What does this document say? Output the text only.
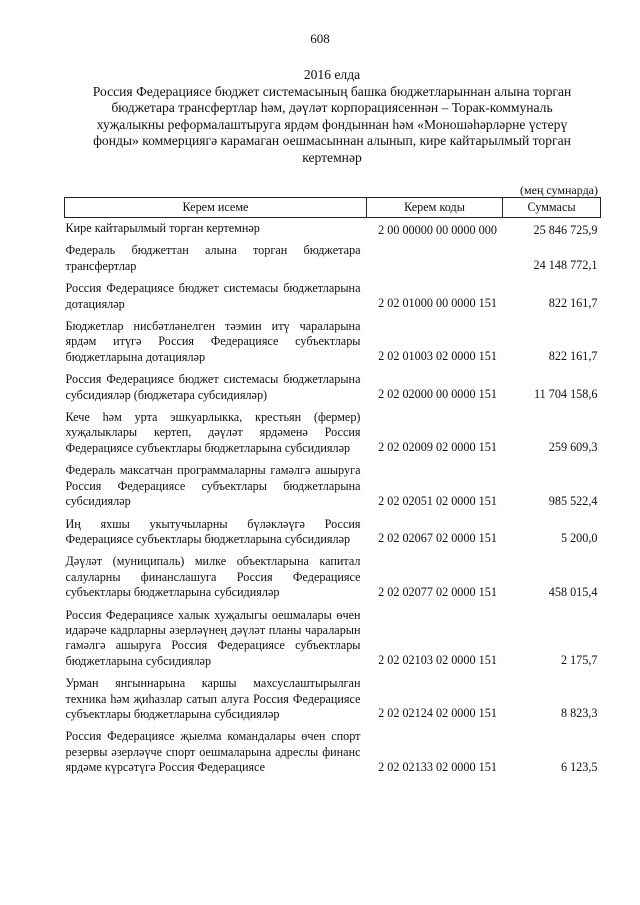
608
2016 елда
Россия Федерациясе бюджет системасының башка бюджетларыннан алына торган
бюджетара трансфертлар һәм, дәүләт корпорациясеннән – Торак-коммуналь
хуҗалыкны реформалаштыруга ярдәм фондыннан һәм «Моношәһәрләрне үстерү
фонды» коммерциягә карамаган оешмасыннан алынып, кире кайтарылмый торган
кертемнәр
(мең сумнарда)
Керем исеме	Керем коды	Суммасы
Кире кайтарылмый торган кертемнәр	2 00 00000 00 0000 000	25 846 725,9
Федераль бюджеттан алына торган бюджетара трансфертлар		24 148 772,1
Россия Федерациясе бюджет системасы бюджетларына дотацияләр	2 02 01000 00 0000 151	822 161,7
Бюджетлар нисбәтләнелген тәэмин итү чараларына ярдәм итүгә Россия Федерациясе субъектлары бюджетларына дотацияләр	2 02 01003 02 0000 151	822 161,7
Россия Федерациясе бюджет системасы бюджетларына субсидияләр (бюджетара субсидияләр)	2 02 02000 00 0000 151	11 704 158,6
Кече һәм урта эшкуарлыкка, крестьян (фермер) хуҗалыклары кертеп, дәүләт ярдәменә Россия Федерациясе субъектлары бюджетларына субсидияләр	2 02 02009 02 0000 151	259 609,3
Федераль максатчан программаларны гамәлгә ашыруга Россия Федерациясе субъектлары бюджетларына субсидияләр	2 02 02051 02 0000 151	985 522,4
Иң яхшы укытучыларны бүләкләүгә Россия Федерациясе субъектлары бюджетларына субсидияләр	2 02 02067 02 0000 151	5 200,0
Дәүләт (муниципаль) милке объектларына капитал салуларны финанслашуга Россия Федерациясе субъектлары бюджетларына субсидияләр	2 02 02077 02 0000 151	458 015,4
Россия Федерациясе халык хуҗалыгы оешмалары өчен идарәче кадрларны әзерләүнең дәүләт планы чараларын гамәлгә ашыруга Россия Федерациясе субъектлары бюджетларына субсидияләр	2 02 02103 02 0000 151	2 175,7
Урман янгыннарына каршы махсуслаштырылган техника һәм җиһазлар сатып алуга Россия Федерациясе субъектлары бюджетларына субсидияләр	2 02 02124 02 0000 151	8 823,3
Россия Федерациясе җыелма командалары өчен спорт резервы әзерләүче спорт оешмаларына адреслы финанс ярдәме күрсәтүгә Россия Федерациясе	2 02 02133 02 0000 151	6 123,5
